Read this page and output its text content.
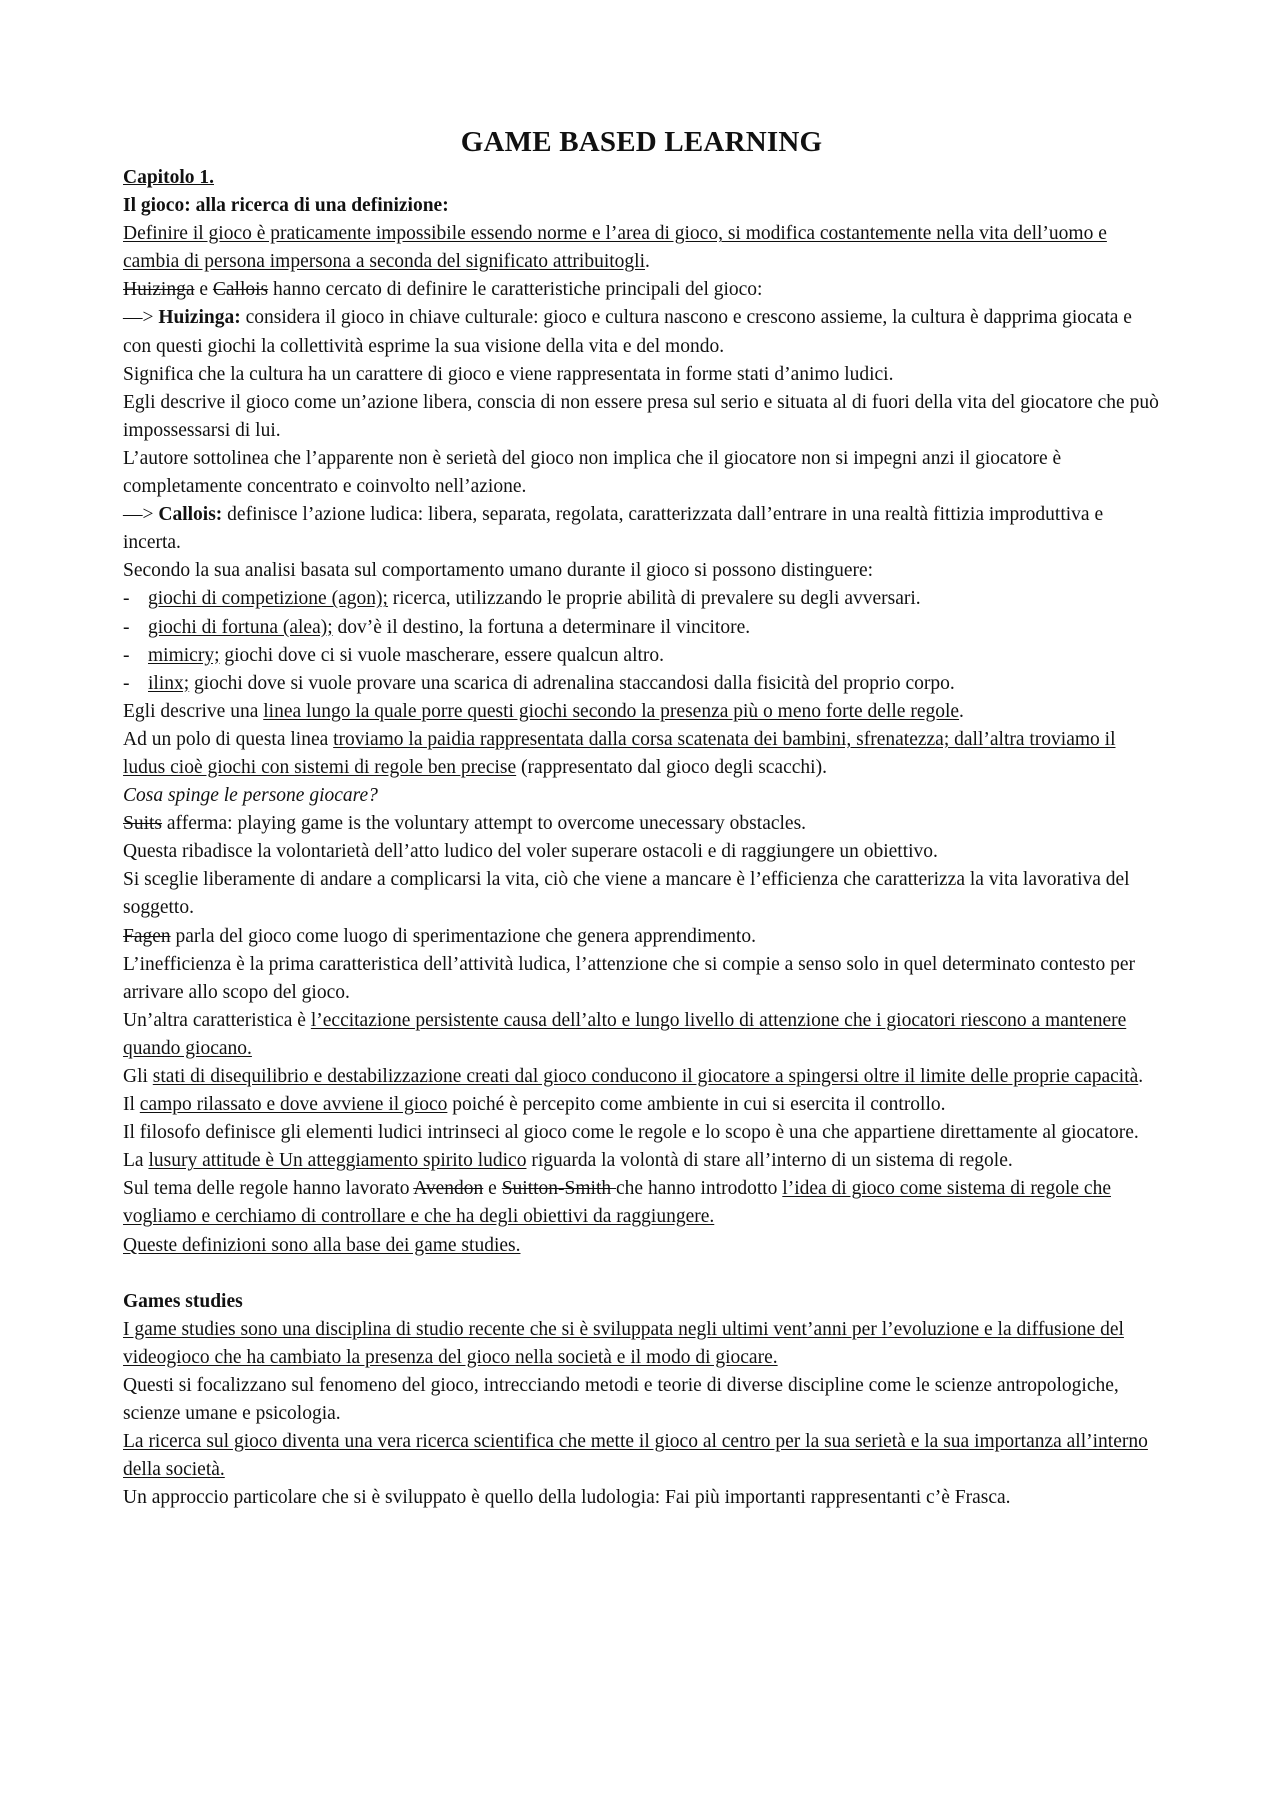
GAME BASED LEARNING

Capitolo 1.

Il gioco: alla ricerca di una definizione:

Definire il gioco è praticamente impossibile essendo norme e l’area di gioco, si modifica costantemente nella vita dell’uomo e cambia di persona impersona a seconda del significato attribuitogli.

Huizinga e Callois hanno cercato di definire le caratteristiche principali del gioco:

—> Huizinga: considera il gioco in chiave culturale: gioco e cultura nascono e crescono assieme, la cultura è dapprima giocata e con questi giochi la collettività esprime la sua visione della vita e del mondo.

Significa che la cultura ha un carattere di gioco e viene rappresentata in forme stati d’animo ludici.

Egli descrive il gioco come un’azione libera, conscia di non essere presa sul serio e situata al di fuori della vita del giocatore che può impossessarsi di lui.

L’autore sottolinea che l’apparente non è serietà del gioco non implica che il giocatore non si impegni anzi il giocatore è completamente concentrato e coinvolto nell’azione.

—> Callois: definisce l’azione ludica: libera, separata, regolata, caratterizzata dall’entrare in una realtà fittizia improduttiva e incerta.

Secondo la sua analisi basata sul comportamento umano durante il gioco si possono distinguere:

- giochi di competizione (agon); ricerca, utilizzando le proprie abilità di prevalere su degli avversari.

- giochi di fortuna (alea); dov’è il destino, la fortuna a determinare il vincitore.

- mimicry; giochi dove ci si vuole mascherare, essere qualcun altro.

- ilinx; giochi dove si vuole provare una scarica di adrenalina staccandosi dalla fisicità del proprio corpo.

Egli descrive una linea lungo la quale porre questi giochi secondo la presenza più o meno forte delle regole.

Ad un polo di questa linea troviamo la paidia rappresentata dalla corsa scatenata dei bambini, sfrenatezza; dall’altra troviamo il ludus cioè giochi con sistemi di regole ben precise (rappresentato dal gioco degli scacchi).

Cosa spinge le persone giocare?

Suits afferma: playing game is the voluntary attempt to overcome unecessary obstacles.

Questa ribadisce la volontarietà dell’atto ludico del voler superare ostacoli e di raggiungere un obiettivo.

Si sceglie liberamente di andare a complicarsi la vita, ciò che viene a mancare è l’efficienza che caratterizza la vita lavorativa del soggetto.

Fagen parla del gioco come luogo di sperimentazione che genera apprendimento.

L’inefficienza è la prima caratteristica dell’attività ludica, l’attenzione che si compie a senso solo in quel determinato contesto per arrivare allo scopo del gioco.

Un’altra caratteristica è l’eccitazione persistente causa dell’alto e lungo livello di attenzione che i giocatori riescono a mantenere quando giocano.

Gli stati di disequilibrio e destabilizzazione creati dal gioco conducono il giocatore a spingersi oltre il limite delle proprie capacità.

Il campo rilassato e dove avviene il gioco poiché è percepito come ambiente in cui si esercita il controllo.

Il filosofo definisce gli elementi ludici intrinseci al gioco come le regole e lo scopo è una che appartiene direttamente al giocatore.

La lusury attitude è Un atteggiamento spirito ludico riguarda la volontà di stare all’interno di un sistema di regole.

Sul tema delle regole hanno lavorato Avendon e Suitton-Smith che hanno introdotto l’idea di gioco come sistema di regole che vogliamo e cerchiamo di controllare e che ha degli obiettivi da raggiungere.

Queste definizioni sono alla base dei game studies.

Games studies

I game studies sono una disciplina di studio recente che si è sviluppata negli ultimi vent’anni per l’evoluzione e la diffusione del videogioco che ha cambiato la presenza del gioco nella società e il modo di giocare.

Questi si focalizzano sul fenomeno del gioco, intrecciando metodi e teorie di diverse discipline come le scienze antropologiche, scienze umane e psicologia.

La ricerca sul gioco diventa una vera ricerca scientifica che mette il gioco al centro per la sua serietà e la sua importanza all’interno della società.

Un approccio particolare che si è sviluppato è quello della ludologia: Fai più importanti rappresentanti c’è Frasca.
